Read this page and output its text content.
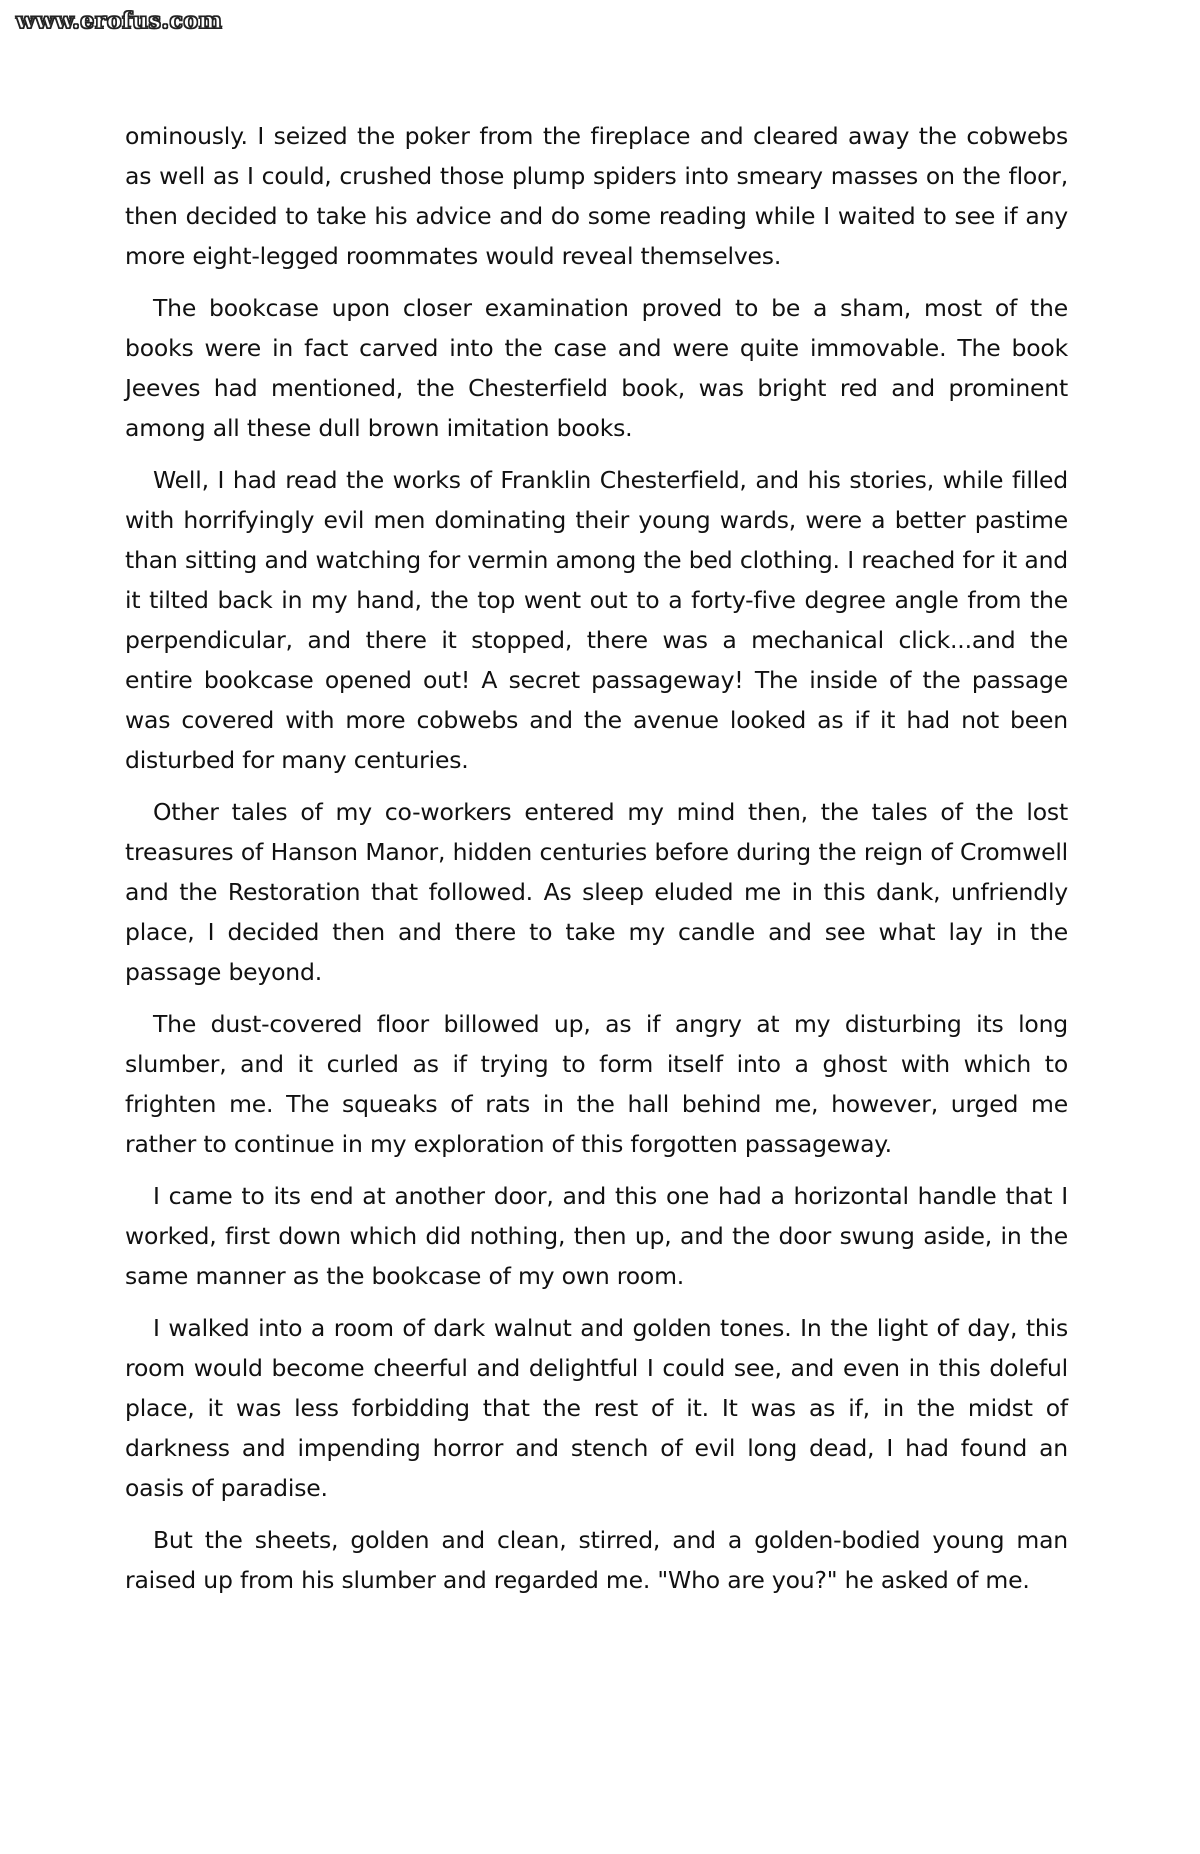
www.erofus.com

ominously. I seized the poker from the fireplace and cleared away the cobwebs as well as I could, crushed those plump spiders into smeary masses on the floor, then decided to take his advice and do some reading while I waited to see if any more eight-legged roommates would reveal themselves.

The bookcase upon closer examination proved to be a sham, most of the books were in fact carved into the case and were quite immovable. The book Jeeves had mentioned, the Chesterfield book, was bright red and prominent among all these dull brown imitation books.

Well, I had read the works of Franklin Chesterfield, and his stories, while filled with horrifyingly evil men dominating their young wards, were a better pastime than sitting and watching for vermin among the bed clothing. I reached for it and it tilted back in my hand, the top went out to a forty-five degree angle from the perpendicular, and there it stopped, there was a mechanical click...and the entire bookcase opened out! A secret passageway! The inside of the passage was covered with more cobwebs and the avenue looked as if it had not been disturbed for many centuries.

Other tales of my co-workers entered my mind then, the tales of the lost treasures of Hanson Manor, hidden centuries before during the reign of Cromwell and the Restoration that followed. As sleep eluded me in this dank, unfriendly place, I decided then and there to take my candle and see what lay in the passage beyond.

The dust-covered floor billowed up, as if angry at my disturbing its long slumber, and it curled as if trying to form itself into a ghost with which to frighten me. The squeaks of rats in the hall behind me, however, urged me rather to continue in my exploration of this forgotten passageway.

I came to its end at another door, and this one had a horizontal handle that I worked, first down which did nothing, then up, and the door swung aside, in the same manner as the bookcase of my own room.

I walked into a room of dark walnut and golden tones. In the light of day, this room would become cheerful and delightful I could see, and even in this doleful place, it was less forbidding that the rest of it. It was as if, in the midst of darkness and impending horror and stench of evil long dead, I had found an oasis of paradise.

But the sheets, golden and clean, stirred, and a golden-bodied young man raised up from his slumber and regarded me. "Who are you?" he asked of me.
